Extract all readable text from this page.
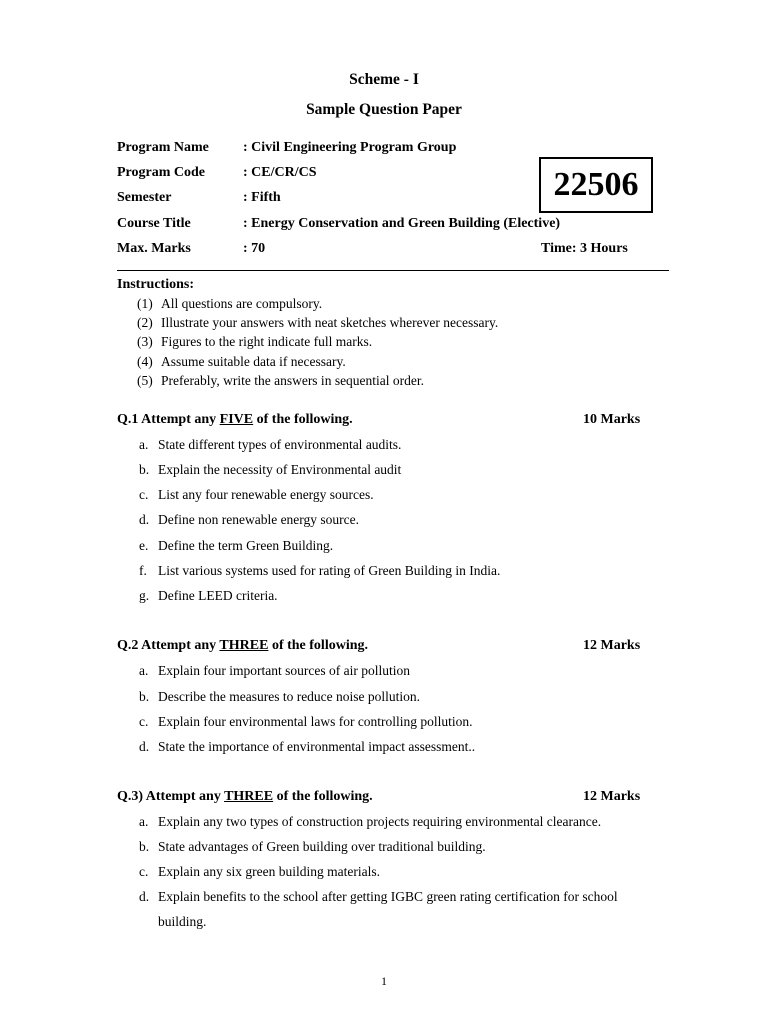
Scheme - I
Sample Question Paper
Program Name : Civil Engineering Program Group
Program Code	: CE/CR/CS
Semester	: Fifth
Course Title	: Energy Conservation and Green Building (Elective)
Max. Marks	: 70
22506
Time: 3 Hours
Instructions:
(1) All questions are compulsory.
(2) Illustrate your answers with neat sketches wherever necessary.
(3) Figures to the right indicate full marks.
(4) Assume suitable data if necessary.
(5) Preferably, write the answers in sequential order.
Q.1 Attempt any FIVE of the following.	10 Marks
a. State different types of environmental audits.
b. Explain the necessity of Environmental audit
c. List any four renewable energy sources.
d. Define non renewable energy source.
e. Define the term Green Building.
f. List various systems used for rating of Green Building in India.
g. Define LEED criteria.
Q.2 Attempt any THREE of the following.	12 Marks
a. Explain four important sources of air pollution
b. Describe the measures to reduce noise pollution.
c. Explain four environmental laws for controlling pollution.
d. State the importance of environmental impact assessment..
Q.3) Attempt any THREE of the following.	12 Marks
a. Explain any two types of construction projects requiring environmental clearance.
b. State advantages of Green building over traditional building.
c. Explain any six green building materials.
d. Explain benefits to the school after getting IGBC green rating certification for school building.
1
